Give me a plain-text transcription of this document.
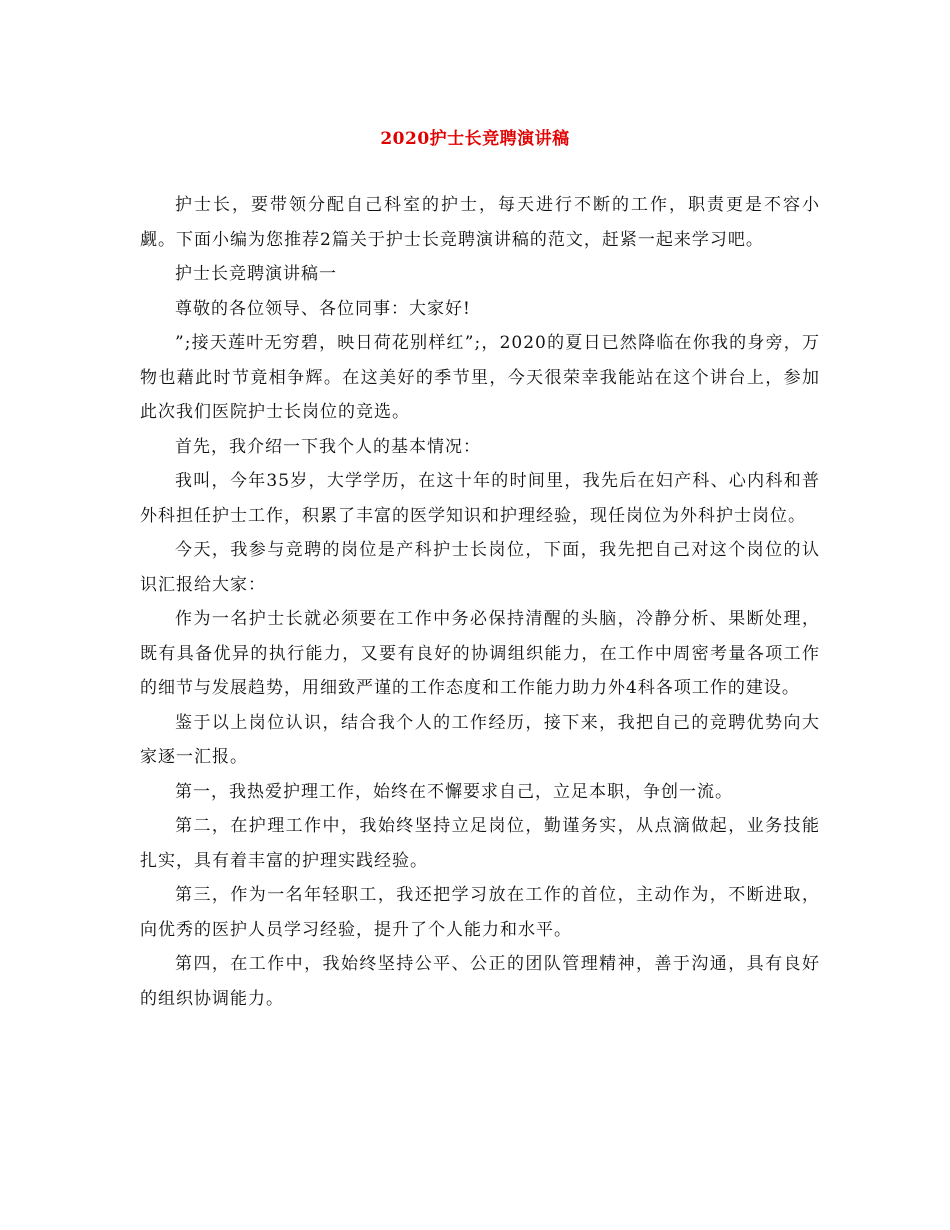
2020护士长竞聘演讲稿

护士长，要带领分配自己科室的护士，每天进行不断的工作，职责更是不容小觑。下面小编为您推荐2篇关于护士长竞聘演讲稿的范文，赶紧一起来学习吧。

护士长竞聘演讲稿一

尊敬的各位领导、各位同事：大家好!

”;接天莲叶无穷碧，映日荷花别样红”;，2020的夏日已然降临在你我的身旁，万物也藉此时节竟相争辉。在这美好的季节里，今天很荣幸我能站在这个讲台上，参加此次我们医院护士长岗位的竞选。

首先，我介绍一下我个人的基本情况：

我叫，今年35岁，大学学历，在这十年的时间里，我先后在妇产科、心内科和普外科担任护士工作，积累了丰富的医学知识和护理经验，现任岗位为外科护士岗位。

今天，我参与竞聘的岗位是产科护士长岗位，下面，我先把自己对这个岗位的认识汇报给大家：

作为一名护士长就必须要在工作中务必保持清醒的头脑，冷静分析、果断处理，既有具备优异的执行能力，又要有良好的协调组织能力，在工作中周密考量各项工作的细节与发展趋势，用细致严谨的工作态度和工作能力助力外4科各项工作的建设。

鉴于以上岗位认识，结合我个人的工作经历，接下来，我把自己的竞聘优势向大家逐一汇报。

第一，我热爱护理工作，始终在不懈要求自己，立足本职，争创一流。

第二，在护理工作中，我始终坚持立足岗位，勤谨务实，从点滴做起，业务技能扎实，具有着丰富的护理实践经验。

第三，作为一名年轻职工，我还把学习放在工作的首位，主动作为，不断进取，向优秀的医护人员学习经验，提升了个人能力和水平。

第四，在工作中，我始终坚持公平、公正的团队管理精神，善于沟通，具有良好的组织协调能力。
